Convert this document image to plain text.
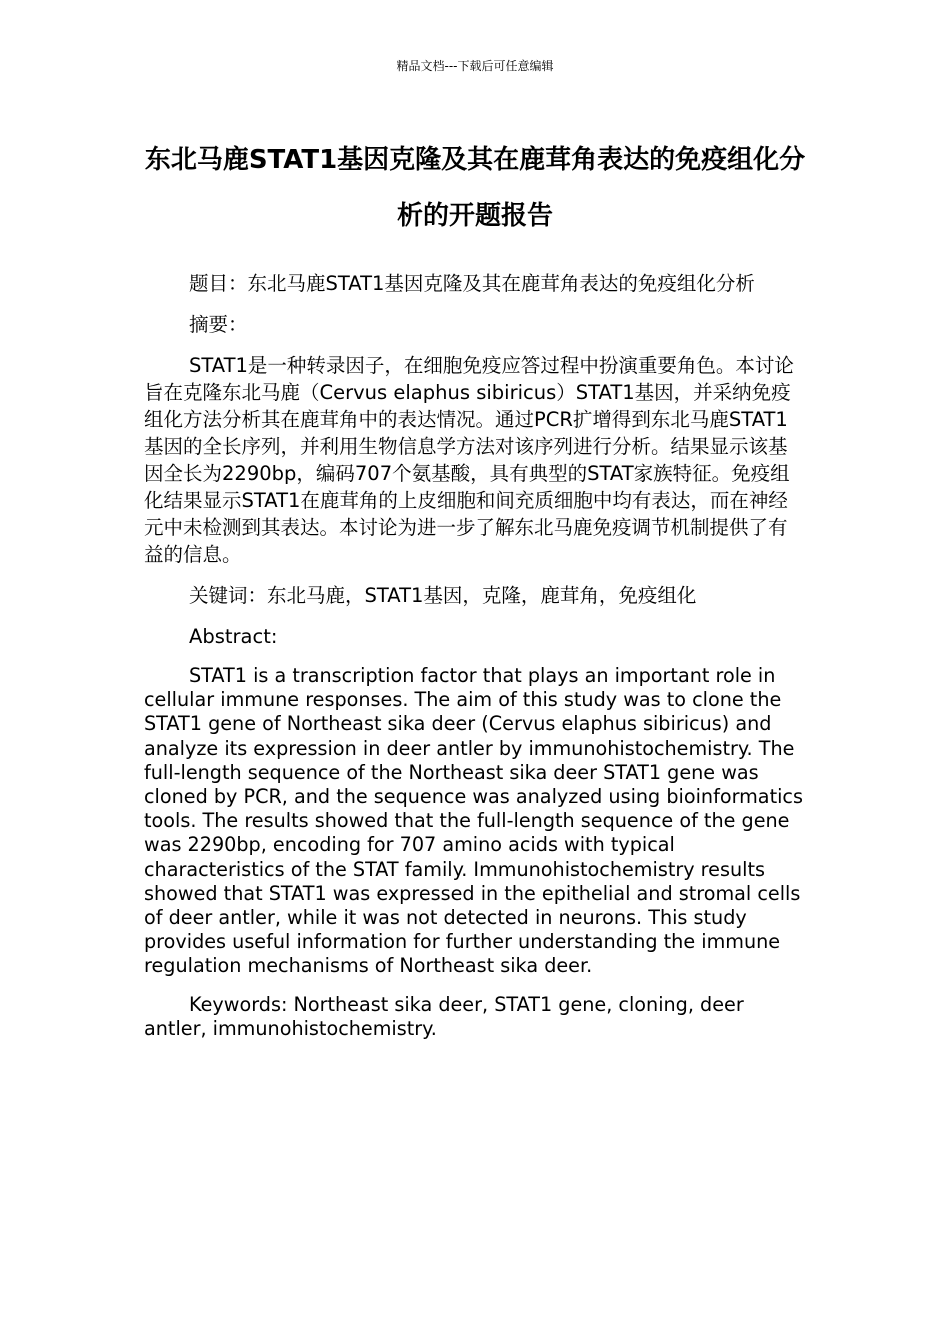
精品文档---下载后可任意编辑
东北马鹿STAT1基因克隆及其在鹿茸角表达的免疫组化分析的开题报告

题目：东北马鹿STAT1基因克隆及其在鹿茸角表达的免疫组化分析

摘要：

STAT1是一种转录因子，在细胞免疫应答过程中扮演重要角色。本讨论旨在克隆东北马鹿（Cervus elaphus sibiricus）STAT1基因，并采纳免疫组化方法分析其在鹿茸角中的表达情况。通过PCR扩增得到东北马鹿STAT1基因的全长序列，并利用生物信息学方法对该序列进行分析。结果显示该基因全长为2290bp，编码707个氨基酸，具有典型的STAT家族特征。免疫组化结果显示STAT1在鹿茸角的上皮细胞和间充质细胞中均有表达，而在神经元中未检测到其表达。本讨论为进一步了解东北马鹿免疫调节机制提供了有益的信息。

关键词：东北马鹿，STAT1基因，克隆，鹿茸角，免疫组化

Abstract:

STAT1 is a transcription factor that plays an important role in cellular immune responses. The aim of this study was to clone the STAT1 gene of Northeast sika deer (Cervus elaphus sibiricus) and analyze its expression in deer antler by immunohistochemistry. The full-length sequence of the Northeast sika deer STAT1 gene was cloned by PCR, and the sequence was analyzed using bioinformatics tools. The results showed that the full-length sequence of the gene was 2290bp, encoding for 707 amino acids with typical characteristics of the STAT family. Immunohistochemistry results showed that STAT1 was expressed in the epithelial and stromal cells of deer antler, while it was not detected in neurons. This study provides useful information for further understanding the immune regulation mechanisms of Northeast sika deer.

Keywords: Northeast sika deer, STAT1 gene, cloning, deer antler, immunohistochemistry.
